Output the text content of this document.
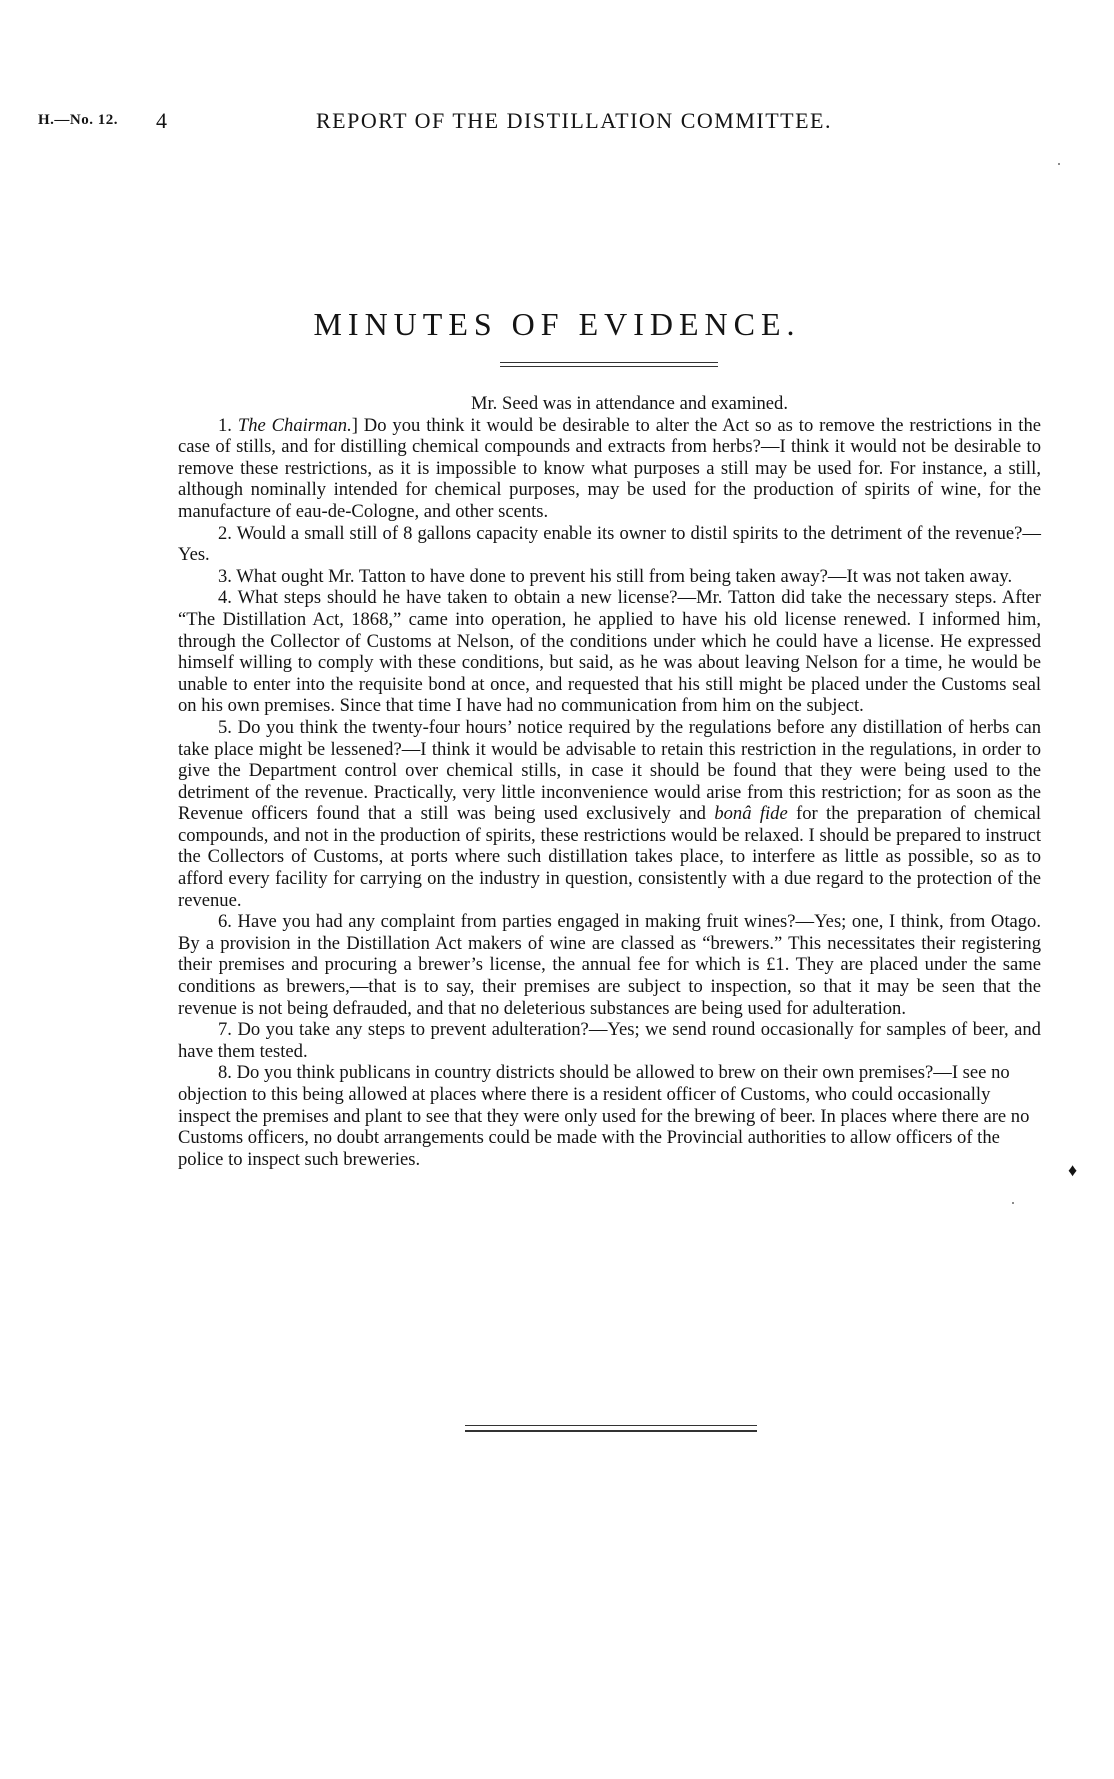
H.—No. 12. 4	REPORT OF THE DISTILLATION COMMITTEE.
MINUTES OF EVIDENCE.

Mr. Seed was in attendance and examined.

1. The Chairman.] Do you think it would be desirable to alter the Act so as to remove the restrictions in the case of stills, and for distilling chemical compounds and extracts from herbs?—I think it would not be desirable to remove these restrictions, as it is impossible to know what purposes a still may be used for. For instance, a still, although nominally intended for chemical purposes, may be used for the production of spirits of wine, for the manufacture of eau-de-Cologne, and other scents.

2. Would a small still of 8 gallons capacity enable its owner to distil spirits to the detriment of the revenue?—Yes.

3. What ought Mr. Tatton to have done to prevent his still from being taken away?—It was not taken away.

4. What steps should he have taken to obtain a new license?—Mr. Tatton did take the necessary steps. After “The Distillation Act, 1868,” came into operation, he applied to have his old license renewed. I informed him, through the Collector of Customs at Nelson, of the conditions under which he could have a license. He expressed himself willing to comply with these conditions, but said, as he was about leaving Nelson for a time, he would be unable to enter into the requisite bond at once, and requested that his still might be placed under the Customs seal on his own premises. Since that time I have had no communication from him on the subject.

5. Do you think the twenty-four hours’ notice required by the regulations before any distillation of herbs can take place might be lessened?—I think it would be advisable to retain this restriction in the regulations, in order to give the Department control over chemical stills, in case it should be found that they were being used to the detriment of the revenue. Practically, very little inconvenience would arise from this restriction; for as soon as the Revenue officers found that a still was being used exclusively and bonâ fide for the preparation of chemical compounds, and not in the production of spirits, these restrictions would be relaxed. I should be prepared to instruct the Collectors of Customs, at ports where such distillation takes place, to interfere as little as possible, so as to afford every facility for carrying on the industry in question, consistently with a due regard to the protection of the revenue.

6. Have you had any complaint from parties engaged in making fruit wines?—Yes; one, I think, from Otago. By a provision in the Distillation Act makers of wine are classed as “brewers.” This necessitates their registering their premises and procuring a brewer’s license, the annual fee for which is £1. They are placed under the same conditions as brewers,—that is to say, their premises are subject to inspection, so that it may be seen that the revenue is not being defrauded, and that no deleterious substances are being used for adulteration.

7. Do you take any steps to prevent adulteration?—Yes; we send round occasionally for samples of beer, and have them tested.

8. Do you think publicans in country districts should be allowed to brew on their own premises?—I see no objection to this being allowed at places where there is a resident officer of Customs, who could occasionally inspect the premises and plant to see that they were only used for the brewing of beer. In places where there are no Customs officers, no doubt arrangements could be made with the Provincial authorities to allow officers of the police to inspect such breweries.

♦
